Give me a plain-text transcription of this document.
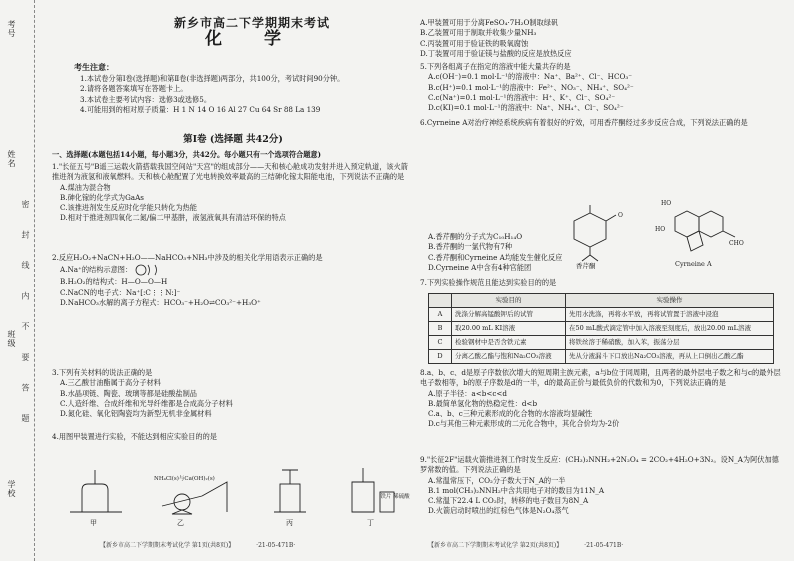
考号
姓名
班级
学校
密 封 线 内 不 要 答 题
新乡市高二下学期期末考试
化 学
考生注意：

1.本试卷分第Ⅰ卷(选择题)和第Ⅱ卷(非选择题)两部分，共100分，考试时间90分钟。

2.请将各题答案填写在答题卡上。

3.本试卷主要考试内容：选修3或选修5。

4.可能用到的相对原子质量：H 1 N 14 O 16 Al 27 Cu 64 Sr 88 La 139

第Ⅰ卷 (选择题 共42分)

一、选择题(本题包括14小题，每小题3分，共42分。每小题只有一个选项符合题意)

1."长征五号"B遥三运载火箭搭载我国空间站"天宫"的组成部分——天和核心舱成功发射并进入预定轨道，该火箭推进剂为液氢和液氧燃料。天和核心舱配置了光电转换效率最高的三结砷化镓太阳能电池，下列说法不正确的是

A.煤油为混合物

B.砷化镓的化学式为GaAs

C.该推进剂发生反应时化学能只转化为热能

D.相对于推进剂四氧化二氮/偏二甲基肼，液氢液氧具有清洁环保的特点

2.反应H₂O₂+NaCN+H₂O——NaHCO₃+NH₃中涉及的相关化学用语表示正确的是

A.Na⁺的结构示意图：

B.H₂O₂的结构式：H—O—O—H

C.NaCN的电子式：Na⁺[:C⋮⋮N:]⁻

D.NaHCO₃水解的离子方程式：HCO₃⁻+H₂O⇌CO₃²⁻+H₃O⁺

3.下列有关材料的说法正确的是

A.三乙酸甘油酯属于高分子材料

B.水晶项链、陶瓷、玻璃等都是硅酸盐制品

C.人造纤维、合成纤维和光导纤维都是合成高分子材料

D.氮化硅、氧化铝陶瓷均为新型无机非金属材料

4.用图甲装置进行实验，不能达到相应实验目的的是

甲	乙	丙	丁
NH₄Cl(s)与Ca(OH)₂(s)
铁片 稀硫酸
【新乡市高二下学期期末考试化学 第1页(共8页)】	·21-05-471B·

A.甲装置可用于分离FeSO₄·7H₂O制取绿矾

B.乙装置可用于制取并收集少量NH₃

C.丙装置可用于验证铁的吸氧腐蚀

D.丁装置可用于验证镁与盐酸的反应是放热反应

5.下列各组离子在指定的溶液中能大量共存的是

A.c(OH⁻)=0.1 mol·L⁻¹的溶液中：Na⁺、Ba²⁺、Cl⁻、HCO₃⁻

B.c(H⁺)=0.1 mol·L⁻¹的溶液中：Fe²⁺、NO₃⁻、NH₄⁺、SO₄²⁻

C.c(Na⁺)=0.1 mol·L⁻¹的溶液中：H⁺、K⁺、Cl⁻、SO₄²⁻

D.c(KI)=0.1 mol·L⁻¹的溶液中：Na⁺、NH₄⁺、Cl⁻、SO₄²⁻

6.Cyrneine A对治疗神经系统疾病有着很好的疗效，可用香芹酮经过多步反应合成，下列说法正确的是

O
香芹酮
HO
HO
CHO
Cyrneine A

A.香芹酮的分子式为C₁₀H₁₄O

B.香芹酮的一氯代物有7种

C.香芹酮和Cyrneine A均能发生催化反应

D.Cyrneine A中含有4种官能团

7.下列实验操作规范且能达到实验目的的是

	实验目的	实验操作
A	洗涤分解高锰酸钾后的试管	先用水洗涤，再将水平放，再将试管置于溶液中浸泡
B	取20.00 mL KI溶液	在50 mL酸式滴定管中加入溶液至刻度后，放出20.00 mL溶液
C	检验钢材中是否含铁元素	将铁丝溶于稀硝酸，加入苯，振荡分层
D	分离乙酸乙酯与饱和Na₂CO₃溶液	先从分液漏斗下口放出Na₂CO₃溶液，再从上口倒出乙酸乙酯

8.a、b、c、d是原子序数依次增大的短周期主族元素，a与b位于同周期，且两者的最外层电子数之和与c的最外层电子数相等，b的原子序数是d的一半，d的最高正价与最低负价的代数和为0，下列说法正确的是

A.原子半径：a<b<c<d

B.最简单氢化物的热稳定性：d<b

C.a、b、c三种元素形成的化合物的水溶液均显碱性

D.c与其他三种元素形成的二元化合物中，其化合价均为-2价

9."长征2F"运载火箭推进剂工作时发生反应：(CH₃)₂NNH₂+2N₂O₄ = 2CO₂+4H₂O+3N₂。设N_A为阿伏加德罗常数的值。下列说法正确的是

A.常温常压下，CO₂分子数大于N_A的一半

B.1 mol(CH₃)₂NNH₂中含共用电子对的数目为11N_A

C.常温下22.4 L CO₂时，转移的电子数目为8N_A

D.火箭启动时喷出的红棕色气体是N₂O₄蒸气

【新乡市高二下学期期末考试化学 第2页(共8页)】	·21-05-471B·
